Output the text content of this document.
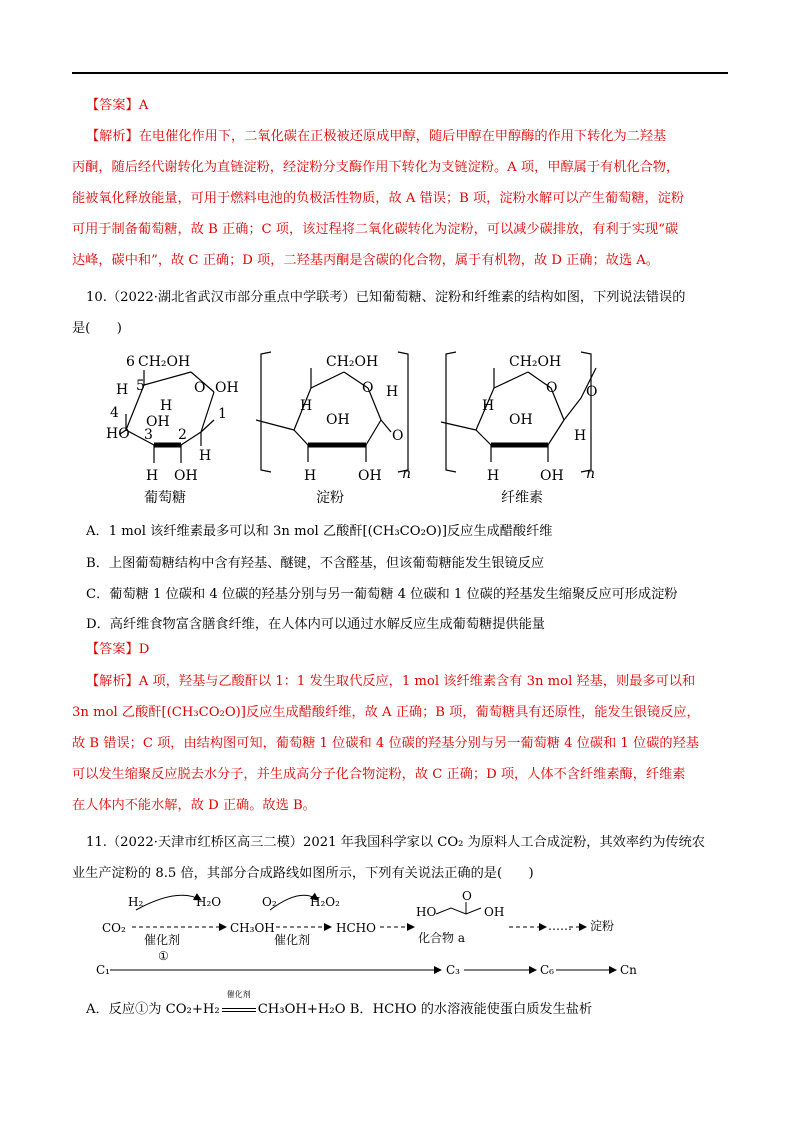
【答案】A
【解析】在电催化作用下，二氧化碳在正极被还原成甲醇，随后甲醇在甲醇酶的作用下转化为二羟基
丙酮，随后经代谢转化为直链淀粉，经淀粉分支酶作用下转化为支链淀粉。A 项，甲醇属于有机化合物，
能被氧化释放能量，可用于燃料电池的负极活性物质，故 A 错误；B 项，淀粉水解可以产生葡萄糖，淀粉
可用于制备葡萄糖，故 B 正确；C 项，该过程将二氧化碳转化为淀粉，可以减少碳排放，有利于实现“碳
达峰，碳中和”，故 C 正确；D 项，二羟基丙酮是含碳的化合物，属于有机物，故 D 正确；故选 A。
10.（2022·湖北省武汉市部分重点中学联考）已知葡萄糖、淀粉和纤维素的结构如图，下列说法错误的
是(　　)
6 CH₂OH
5	O OH
H
H
4
OH	1
HO 3 2
H
H OH
CH₂OH
O
H
OH
H
O
H	OH n
CH₂OH
O
H
OH
H
O
H	OH n
葡萄糖	淀粉	纤维素
A．1 mol 该纤维素最多可以和 3n mol 乙酸酐[(CH₃CO₂O)]反应生成醋酸纤维
B．上图葡萄糖结构中含有羟基、醚键，不含醛基，但该葡萄糖能发生银镜反应
C．葡萄糖 1 位碳和 4 位碳的羟基分别与另一葡萄糖 4 位碳和 1 位碳的羟基发生缩聚反应可形成淀粉
D．高纤维食物富含膳食纤维，在人体内可以通过水解反应生成葡萄糖提供能量
【答案】D
【解析】A 项，羟基与乙酸酐以 1：1 发生取代反应，1 mol 该纤维素含有 3n mol 羟基，则最多可以和
3n mol 乙酸酐[(CH₃CO₂O)]反应生成醋酸纤维，故 A 正确；B 项，葡萄糖具有还原性，能发生银镜反应，
故 B 错误；C 项，由结构图可知，葡萄糖 1 位碳和 4 位碳的羟基分别与另一葡萄糖 4 位碳和 1 位碳的羟基
可以发生缩聚反应脱去水分子，并生成高分子化合物淀粉，故 C 正确；D 项，人体不含纤维素酶，纤维素
在人体内不能水解，故 D 正确。故选 B。
11.（2022·天津市红桥区高三二模）2021 年我国科学家以 CO₂ 为原料人工合成淀粉，其效率约为传统农
业生产淀粉的 8.5 倍，其部分合成路线如图所示，下列有关说法正确的是(　　)
H₂	H₂O
CO₂
催化剂
①
CH₃OH
O₂	H₂O₂
催化剂
HCHO
HO
O
OH
化合物 a
…… 淀粉
C₁	C₃	C₆	Cn
A．反应①为 CO₂+H₂
催化剂
CH₃OH+H₂O B．HCHO 的水溶液能使蛋白质发生盐析
